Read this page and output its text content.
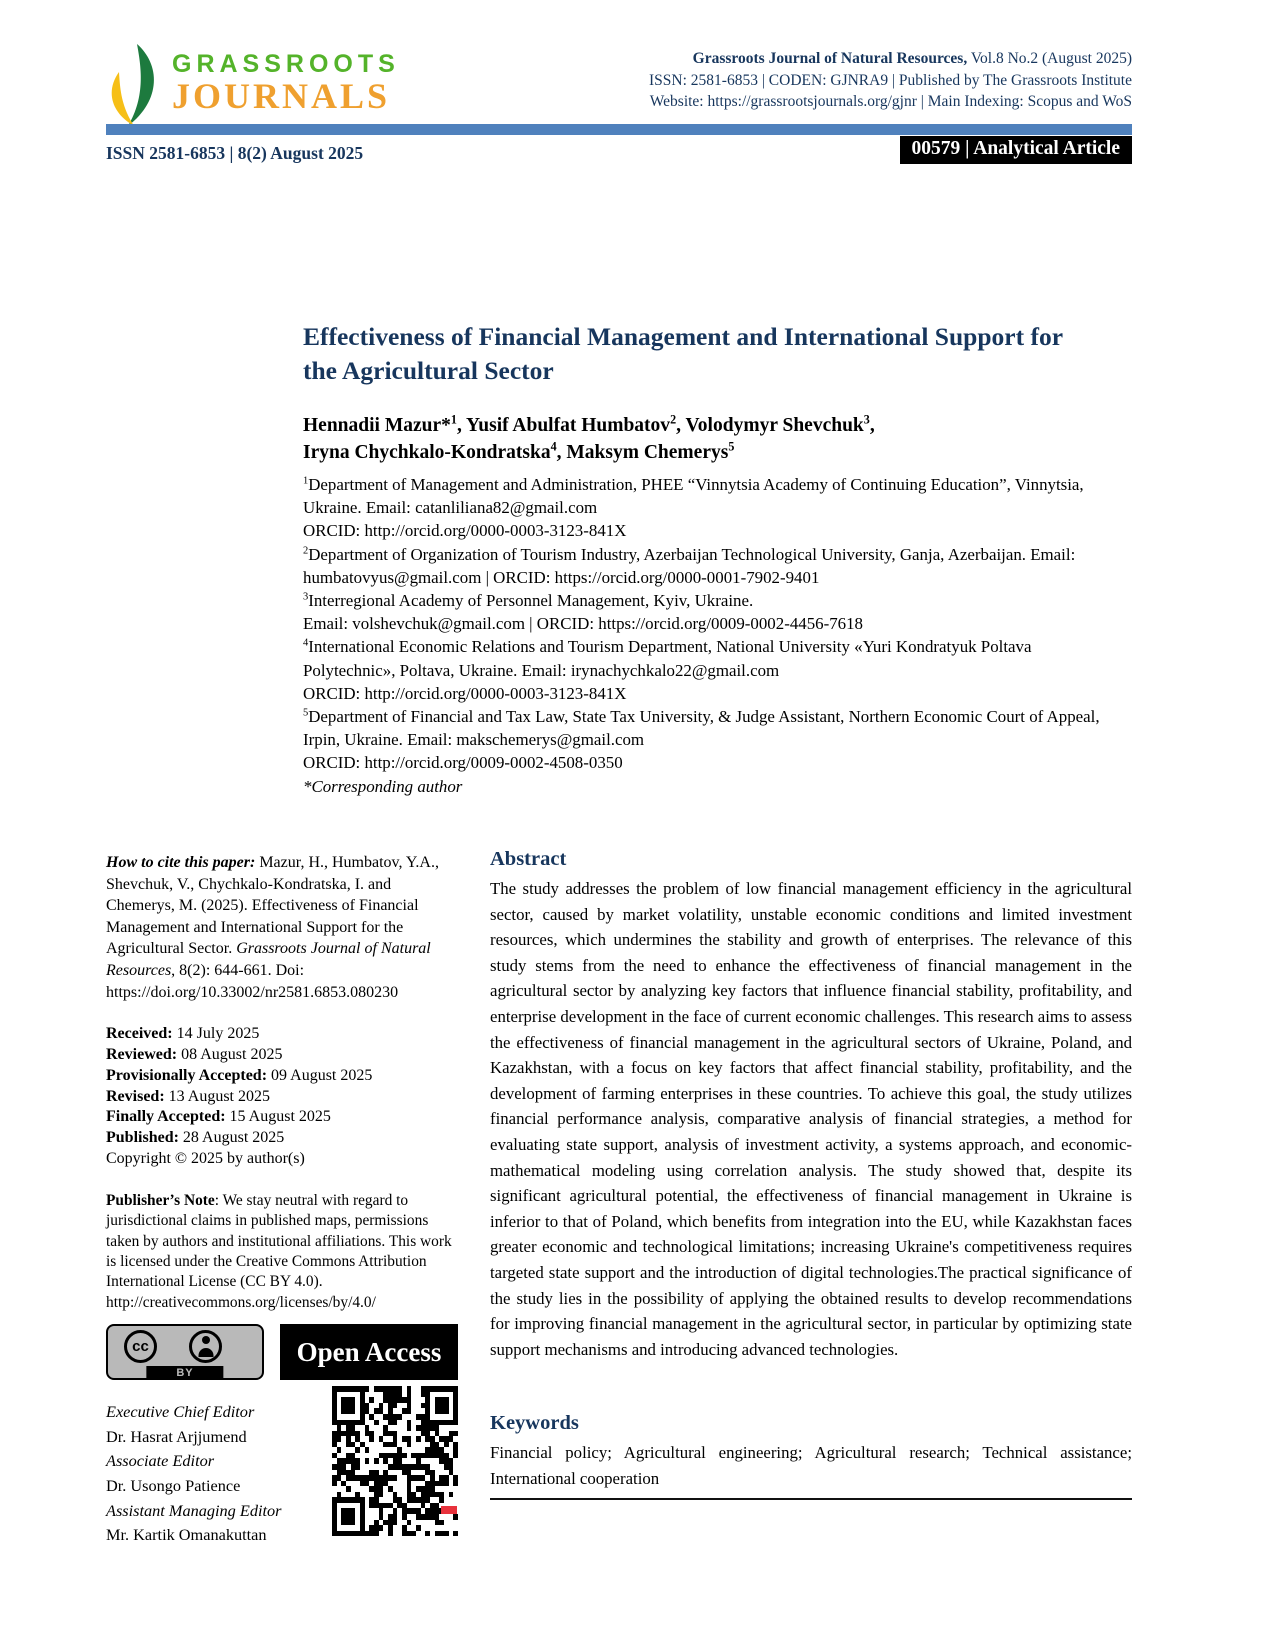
GRASSROOTS
JOURNALS
Grassroots Journal of Natural Resources, Vol.8 No.2 (August 2025)
ISSN: 2581-6853 | CODEN: GJNRA9 | Published by The Grassroots Institute
Website: https://grassrootsjournals.org/gjnr | Main Indexing: Scopus and WoS
ISSN 2581-6853 | 8(2) August 2025	00579 | Analytical Article
Effectiveness of Financial Management and International Support for the Agricultural Sector
Hennadii Mazur*$^1$, Yusif Abulfat Humbatov$^2$, Volodymyr Shevchuk$^3$,
Iryna Chychkalo-Kondratska$^4$, Maksym Chemerys$^5$
$^1$Department of Management and Administration, PHEE “Vinnytsia Academy of Continuing Education”, Vinnytsia, Ukraine. Email: catanliliana82@gmail.com
ORCID: http://orcid.org/0000-0003-3123-841X
$^2$Department of Organization of Tourism Industry, Azerbaijan Technological University, Ganja, Azerbaijan. Email: humbatovyus@gmail.com | ORCID: https://orcid.org/0000-0001-7902-9401
$^3$Interregional Academy of Personnel Management, Kyiv, Ukraine.
Email: volshevchuk@gmail.com | ORCID: https://orcid.org/0009-0002-4456-7618
$^4$International Economic Relations and Tourism Department, National University «Yuri Kondratyuk Poltava Polytechnic», Poltava, Ukraine. Email: irynachychkalo22@gmail.com
ORCID: http://orcid.org/0000-0003-3123-841X
$^5$Department of Financial and Tax Law, State Tax University, & Judge Assistant, Northern Economic Court of Appeal, Irpin, Ukraine. Email: makschemerys@gmail.com
ORCID: http://orcid.org/0009-0002-4508-0350
*Corresponding author

How to cite this paper: Mazur, H., Humbatov, Y.A., Shevchuk, V., Chychkalo-Kondratska, I. and Chemerys, M. (2025). Effectiveness of Financial Management and International Support for the Agricultural Sector. Grassroots Journal of Natural Resources, 8(2): 644-661. Doi: https://doi.org/10.33002/nr2581.6853.080230

Received: 14 July 2025
Reviewed: 08 August 2025
Provisionally Accepted: 09 August 2025
Revised: 13 August 2025
Finally Accepted: 15 August 2025
Published: 28 August 2025
Copyright © 2025 by author(s)

Publisher’s Note: We stay neutral with regard to jurisdictional claims in published maps, permissions taken by authors and institutional affiliations. This work is licensed under the Creative Commons Attribution International License (CC BY 4.0). http://creativecommons.org/licenses/by/4.0/

cc
BY
Open Access
Executive Chief Editor
Dr. Hasrat Arjjumend
Associate Editor
Dr. Usongo Patience
Assistant Managing Editor
Mr. Kartik Omanakuttan
Abstract

The study addresses the problem of low financial management efficiency in the agricultural sector, caused by market volatility, unstable economic conditions and limited investment resources, which undermines the stability and growth of enterprises. The relevance of this study stems from the need to enhance the effectiveness of financial management in the agricultural sector by analyzing key factors that influence financial stability, profitability, and enterprise development in the face of current economic challenges. This research aims to assess the effectiveness of financial management in the agricultural sectors of Ukraine, Poland, and Kazakhstan, with a focus on key factors that affect financial stability, profitability, and the development of farming enterprises in these countries. To achieve this goal, the study utilizes financial performance analysis, comparative analysis of financial strategies, a method for evaluating state support, analysis of investment activity, a systems approach, and economic-mathematical modeling using correlation analysis. The study showed that, despite its significant agricultural potential, the effectiveness of financial management in Ukraine is inferior to that of Poland, which benefits from integration into the EU, while Kazakhstan faces greater economic and technological limitations; increasing Ukraine's competitiveness requires targeted state support and the introduction of digital technologies.The practical significance of the study lies in the possibility of applying the obtained results to develop recommendations for improving financial management in the agricultural sector, in particular by optimizing state support mechanisms and introducing advanced technologies.

Keywords

Financial policy; Agricultural engineering; Agricultural research; Technical assistance; International cooperation
